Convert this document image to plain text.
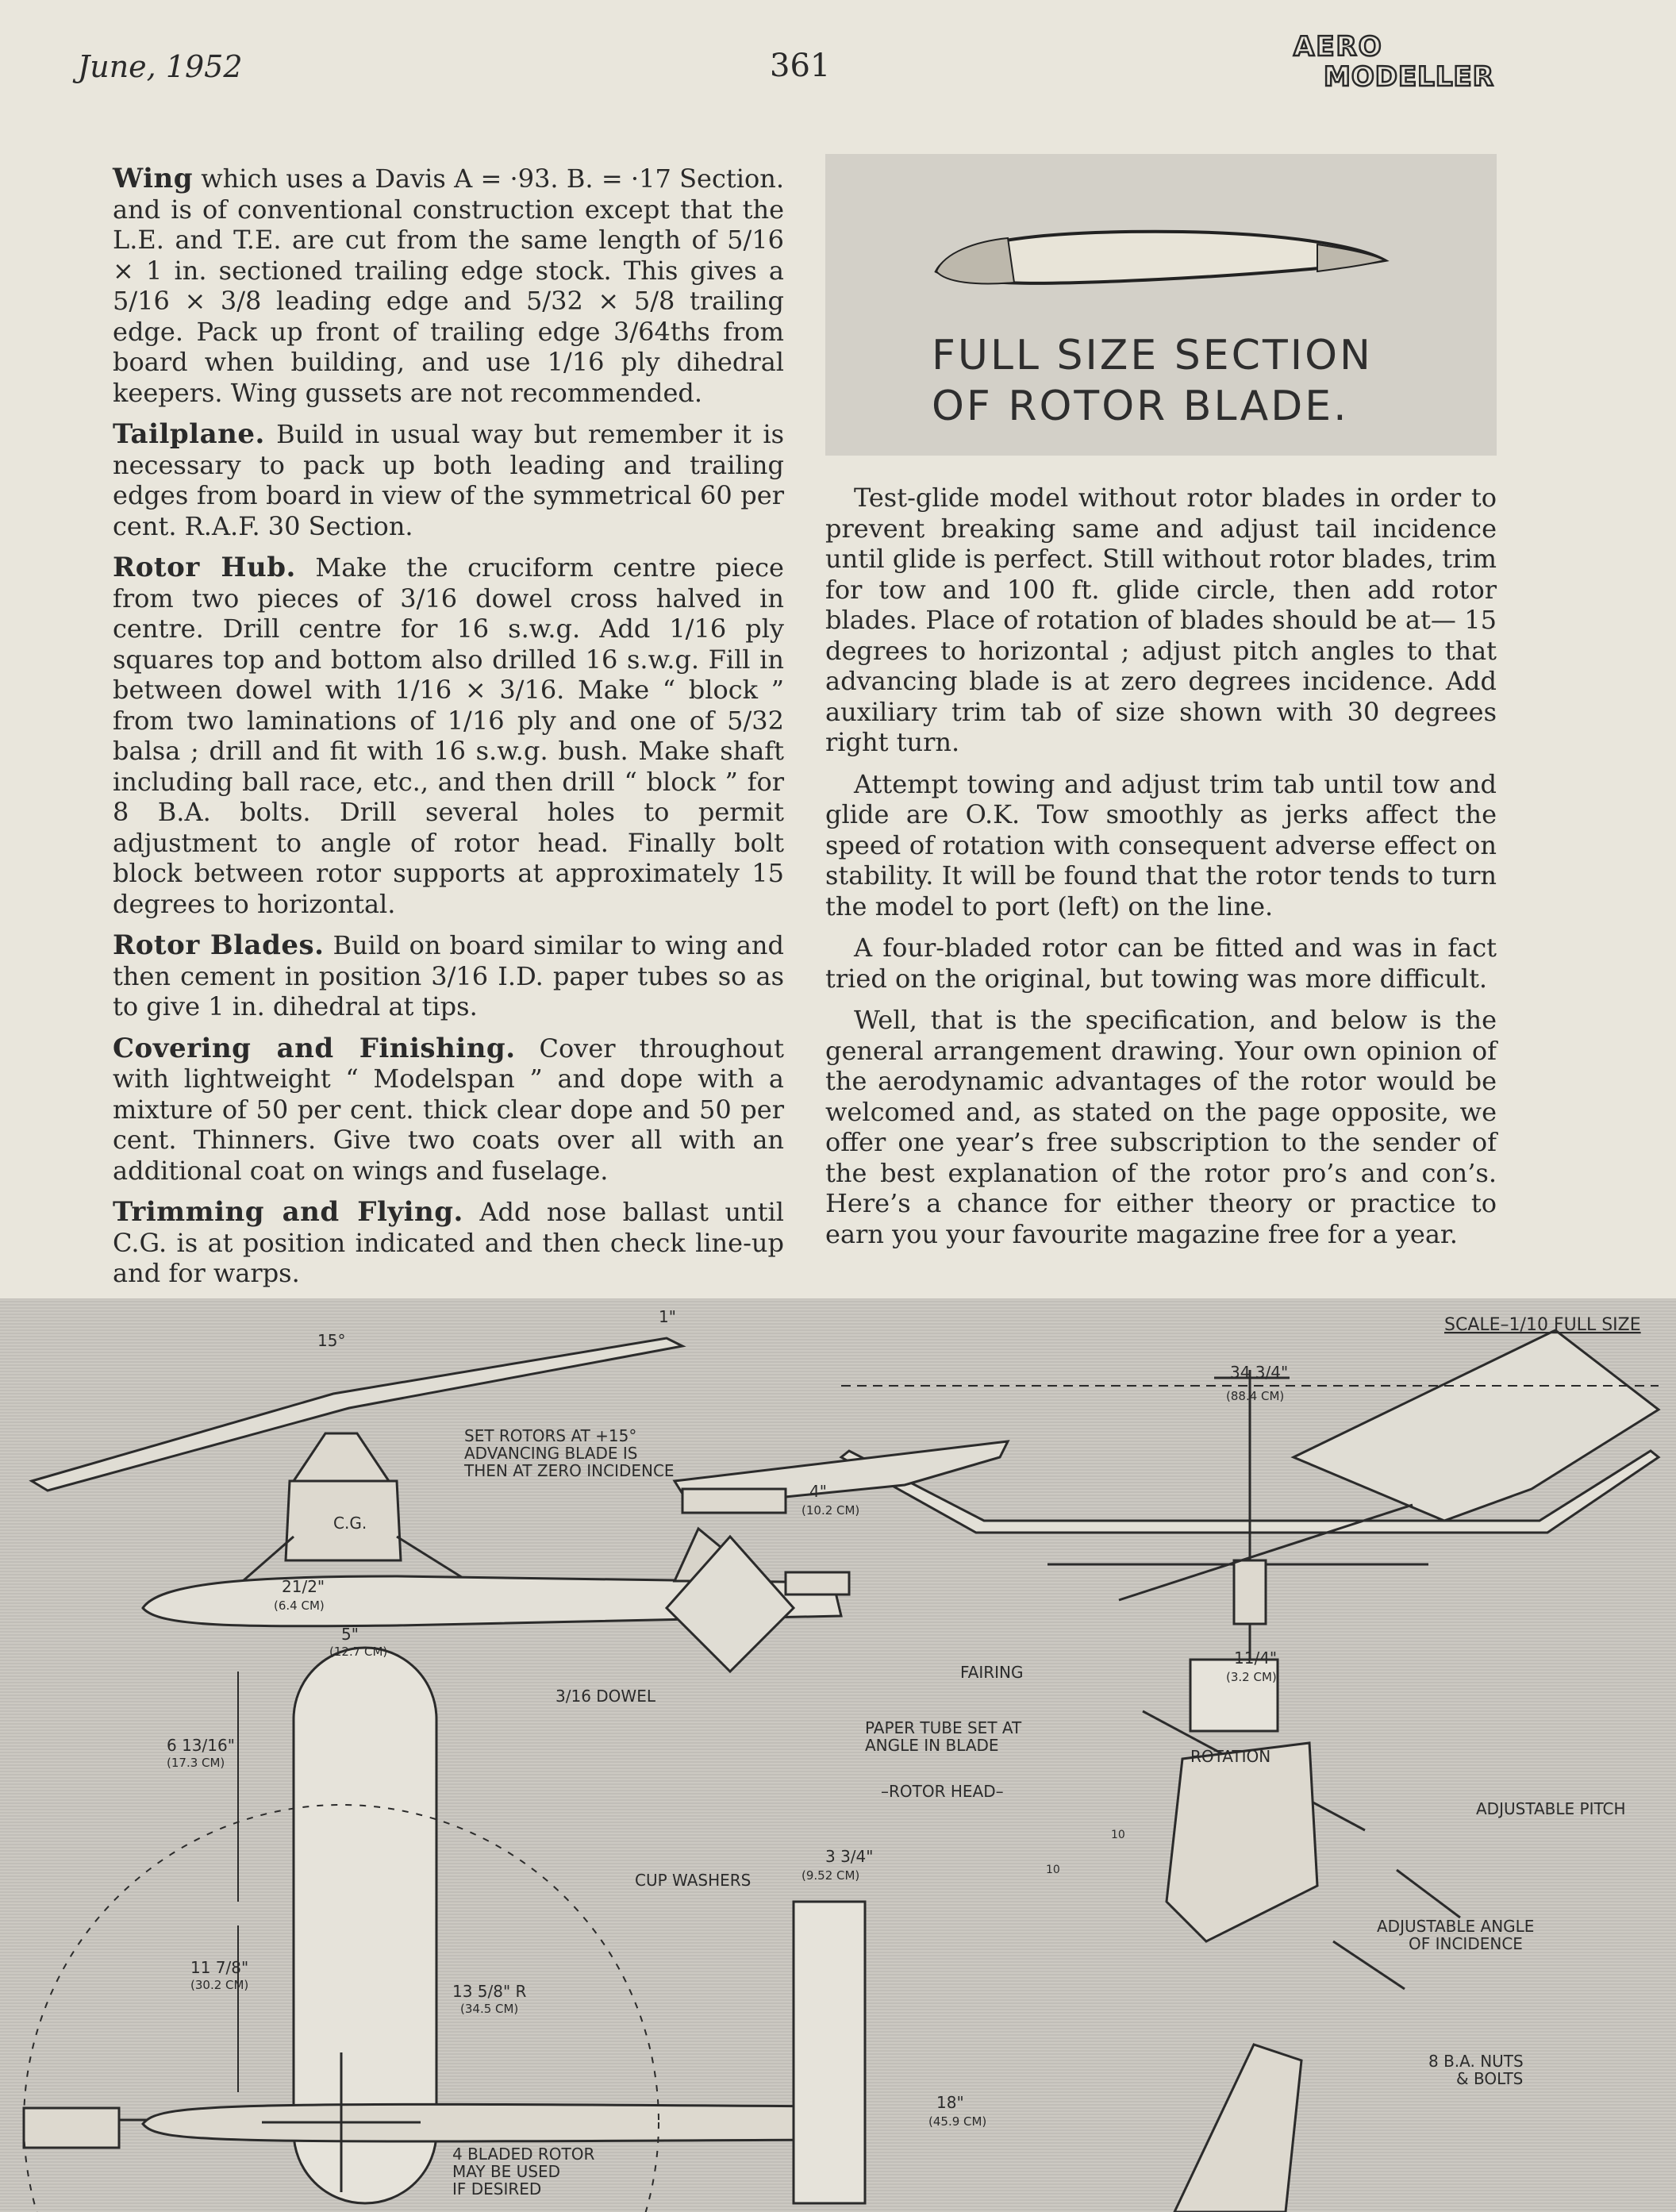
June, 1952	361
AERO
MODELLER

Wing which uses a Davis A = ·93. B. = ·17 Section. and is of conventional construction except that the L.E. and T.E. are cut from the same length of 5/16 × 1 in. sectioned trailing edge stock. This gives a 5/16 × 3/8 leading edge and 5/32 × 5/8 trailing edge. Pack up front of trailing edge 3/64ths from board when building, and use 1/16 ply dihedral keepers. Wing gussets are not recommended.

Tailplane. Build in usual way but remember it is necessary to pack up both leading and trailing edges from board in view of the symmetrical 60 per cent. R.A.F. 30 Section.

Rotor Hub. Make the cruciform centre piece from two pieces of 3/16 dowel cross halved in centre. Drill centre for 16 s.w.g. Add 1/16 ply squares top and bottom also drilled 16 s.w.g. Fill in between dowel with 1/16 × 3/16. Make “ block ” from two laminations of 1/16 ply and one of 5/32 balsa ; drill and fit with 16 s.w.g. bush. Make shaft including ball race, etc., and then drill “ block ” for 8 B.A. bolts. Drill several holes to permit adjustment to angle of rotor head. Finally bolt block between rotor supports at approximately 15 degrees to horizontal.

Rotor Blades. Build on board similar to wing and then cement in position 3/16 I.D. paper tubes so as to give 1 in. dihedral at tips.

Covering and Finishing. Cover throughout with lightweight “ Modelspan ” and dope with a mixture of 50 per cent. thick clear dope and 50 per cent. Thinners. Give two coats over all with an additional coat on wings and fuselage.

Trimming and Flying. Add nose ballast until C.G. is at position indicated and then check line-up and for warps.

FULL SIZE SECTION
OF ROTOR BLADE.

Test-glide model without rotor blades in order to prevent breaking same and adjust tail incidence until glide is perfect. Still without rotor blades, trim for tow and 100 ft. glide circle, then add rotor blades. Place of rotation of blades should be at— 15 degrees to horizontal ; adjust pitch angles to that advancing blade is at zero degrees incidence. Add auxiliary trim tab of size shown with 30 degrees right turn.

Attempt towing and adjust trim tab until tow and glide are O.K. Tow smoothly as jerks affect the speed of rotation with consequent adverse effect on stability. It will be found that the rotor tends to turn the model to port (left) on the line.

A four-bladed rotor can be fitted and was in fact tried on the original, but towing was more difficult.

Well, that is the specification, and below is the general arrangement drawing. Your own opinion of the aerodynamic advantages of the rotor would be welcomed and, as stated on the page opposite, we offer one year’s free subscription to the sender of the best explanation of the rotor pro’s and con’s. Here’s a chance for either theory or practice to earn you your favourite magazine free for a year.

SCALE–1/10 FULL SIZE
15°
1"
SET ROTORS AT +15°
ADVANCING BLADE IS
THEN AT ZERO INCIDENCE
C.G.
21/2"
(6.4 CM)
5"
(12.7 CM)
6 13/16"
(17.3 CM)
11 7/8"
(30.2 CM)	13 5/8" R
(34.5 CM)
4 BLADED ROTOR
MAY BE USED
IF DESIRED
34 3/4"
(88.4 CM)
4"
(10.2 CM)
11/4"
(3.2 CM)
3/16 DOWEL
FAIRING
PAPER TUBE SET AT
ANGLE IN BLADE
–ROTOR HEAD–
CUP WASHERS
3 3/4"
(9.52 CM)
ROTATION
ADJUSTABLE PITCH
ADJUSTABLE ANGLE
OF INCIDENCE
8 B.A. NUTS
& BOLTS
18"
(45.9 CM)
10
10
